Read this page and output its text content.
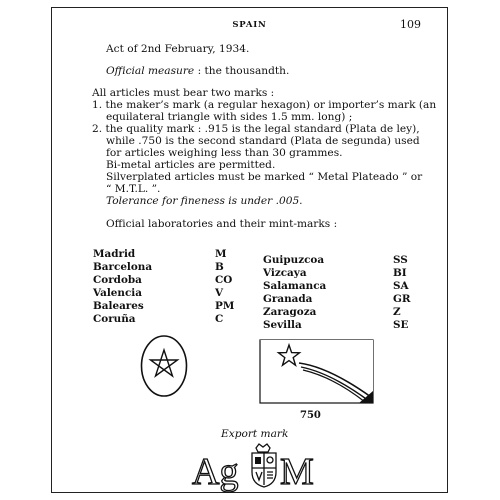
SPAIN	109
Act of 2nd February, 1934.
Official measure : the thousandth.
All articles must bear two marks :
1. the maker’s mark (a regular hexagon) or importer’s mark (an
equilateral triangle with sides 1.5 mm. long) ;
2. the quality mark : .915 is the legal standard (Plata de ley),
while .750 is the second standard (Plata de segunda) used
for articles weighing less than 30 grammes.
Bi-metal articles are permitted.
Silverplated articles must be marked “ Metal Plateado ” or
“ M.T.L. ”.
Tolerance for fineness is under .005.
Official laboratories and their mint-marks :
Madrid	M
Barcelona	B
Cordoba	CO
Valencia	V
Baleares	PM
Coruña	C
Guipuzcoa	SS
Vizcaya	BI
Salamanca	SA
Granada	GR
Zaragoza	Z
Sevilla	SE
750
Export mark
Ag M
